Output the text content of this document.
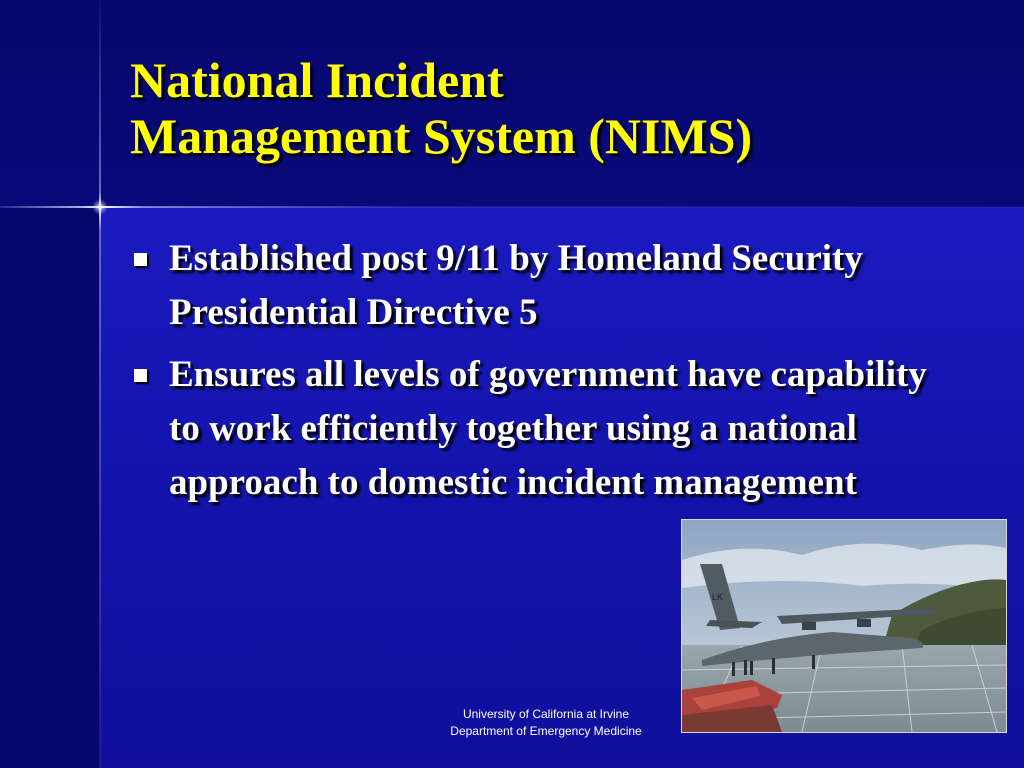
National Incident
Management System (NIMS)
Established post 9/11 by Homeland Security Presidential Directive 5
Ensures all levels of government have capability to work efficiently together using a national approach to domestic incident management
University of California at Irvine
Department of Emergency Medicine
LK
